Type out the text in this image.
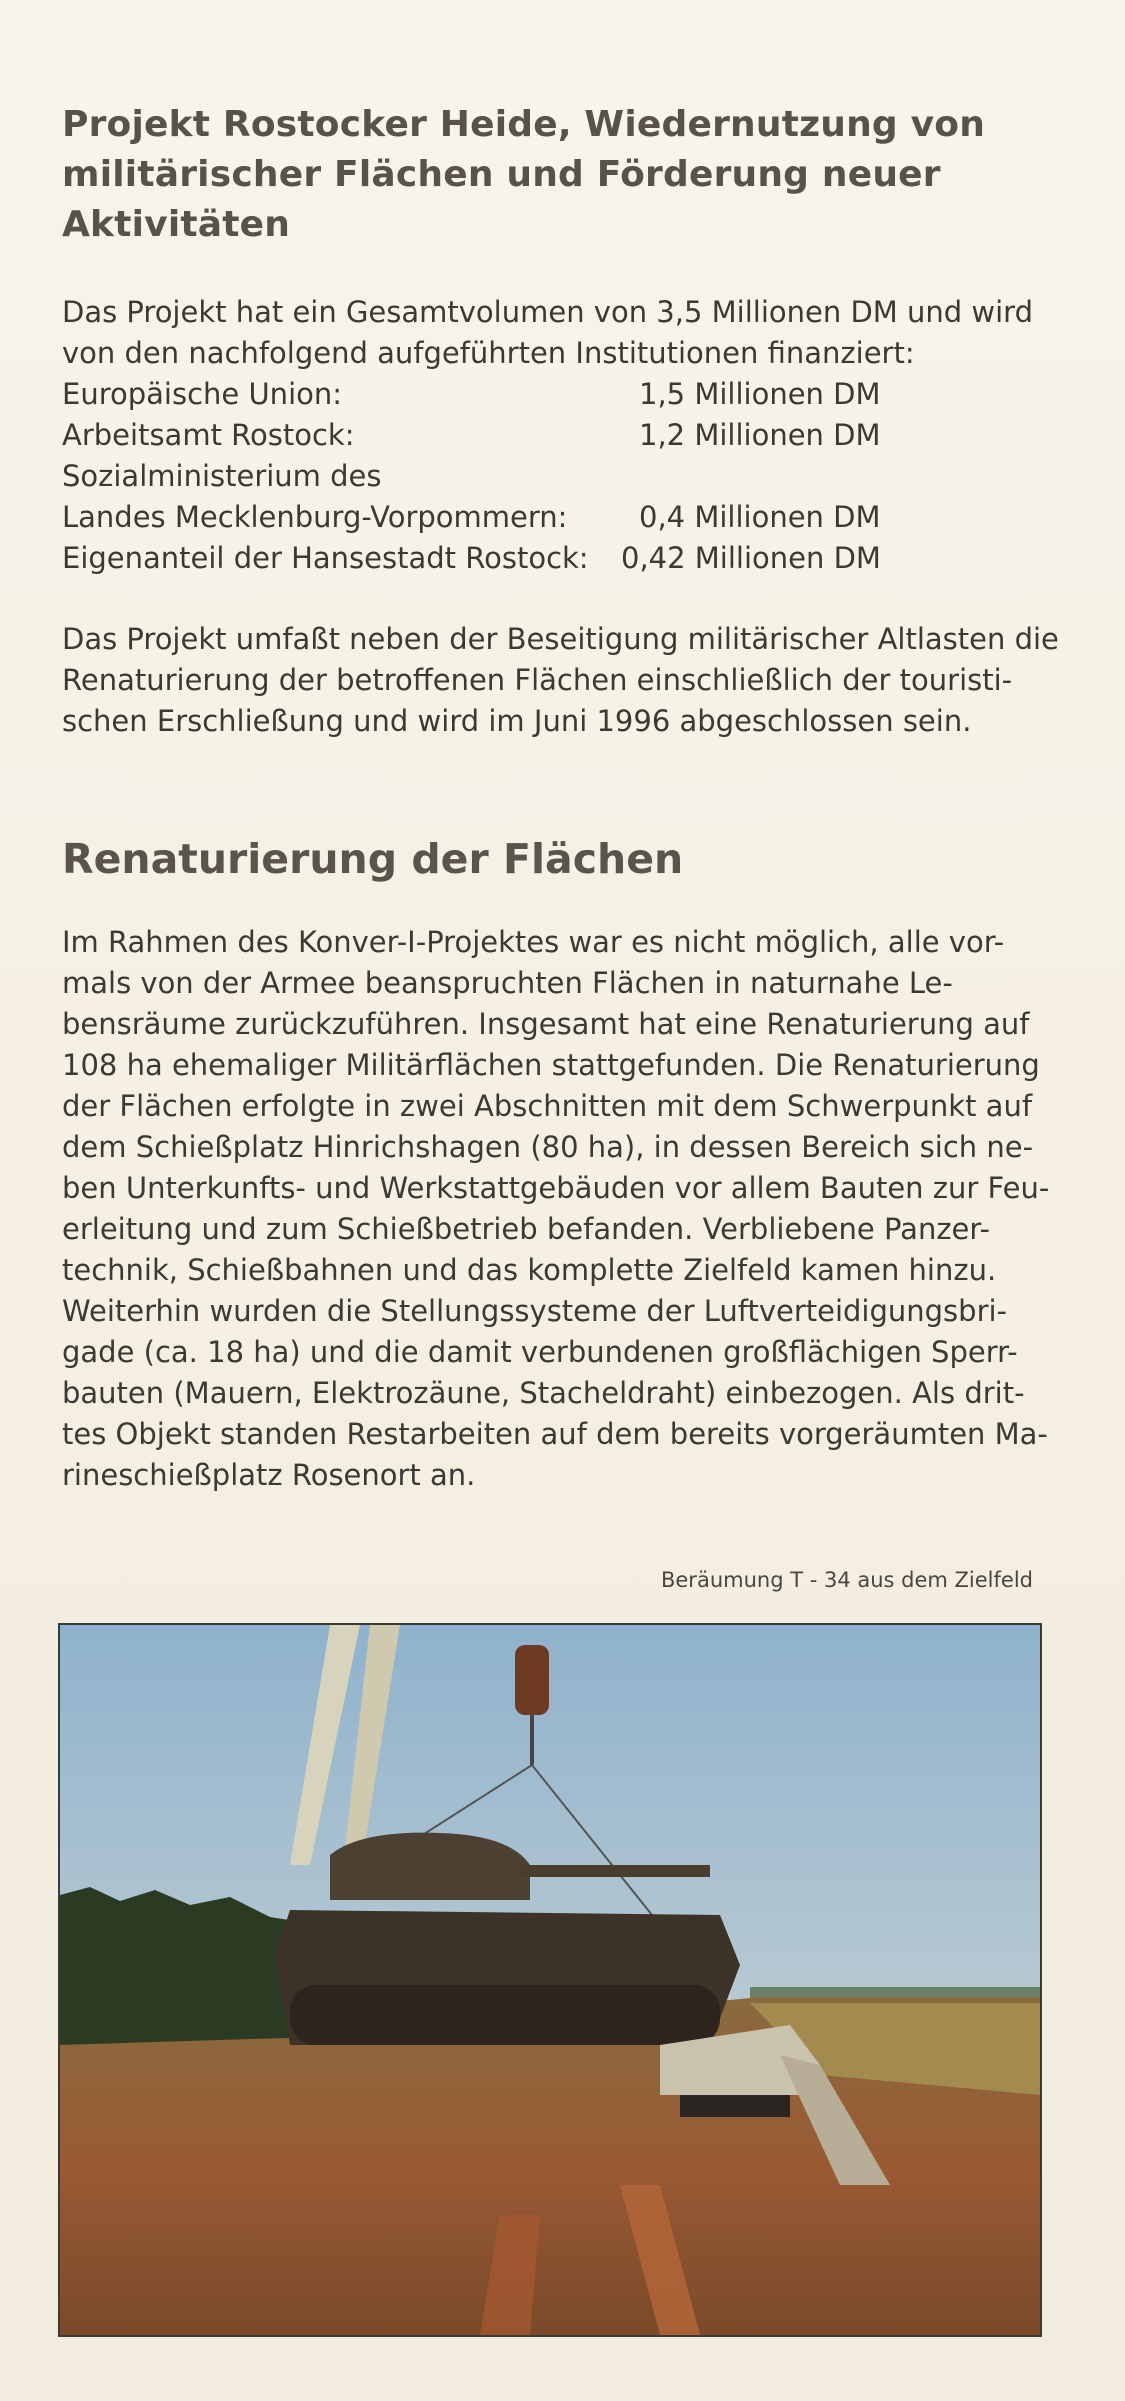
Projekt Rostocker Heide, Wiedernutzung von
militärischer Flächen und Förderung neuer
Aktivitäten
Das Projekt hat ein Gesamtvolumen von 3,5 Millionen DM und wird
von den nachfolgend aufgeführten Institutionen finanziert:
Europäische Union:	1,5 Millionen DM
Arbeitsamt Rostock:	1,2 Millionen DM
Sozialministerium des
Landes Mecklenburg-Vorpommern:	0,4 Millionen DM
Eigenanteil der Hansestadt Rostock:	0,42 Millionen DM
Das Projekt umfaßt neben der Beseitigung militärischer Altlasten die
Renaturierung der betroffenen Flächen einschließlich der touristi-
schen Erschließung und wird im Juni 1996 abgeschlossen sein.
Renaturierung der Flächen
Im Rahmen des Konver-I-Projektes war es nicht möglich, alle vor-
mals von der Armee beanspruchten Flächen in naturnahe Le-
bensräume zurückzuführen. Insgesamt hat eine Renaturierung auf
108 ha ehemaliger Militärflächen stattgefunden. Die Renaturierung
der Flächen erfolgte in zwei Abschnitten mit dem Schwerpunkt auf
dem Schießplatz Hinrichshagen (80 ha), in dessen Bereich sich ne-
ben Unterkunfts- und Werkstattgebäuden vor allem Bauten zur Feu-
erleitung und zum Schießbetrieb befanden. Verbliebene Panzer-
technik, Schießbahnen und das komplette Zielfeld kamen hinzu.
Weiterhin wurden die Stellungssysteme der Luftverteidigungsbri-
gade (ca. 18 ha) und die damit verbundenen großflächigen Sperr-
bauten (Mauern, Elektrozäune, Stacheldraht) einbezogen. Als drit-
tes Objekt standen Restarbeiten auf dem bereits vorgeräumten Ma-
rineschießplatz Rosenort an.
Beräumung T - 34 aus dem Zielfeld
